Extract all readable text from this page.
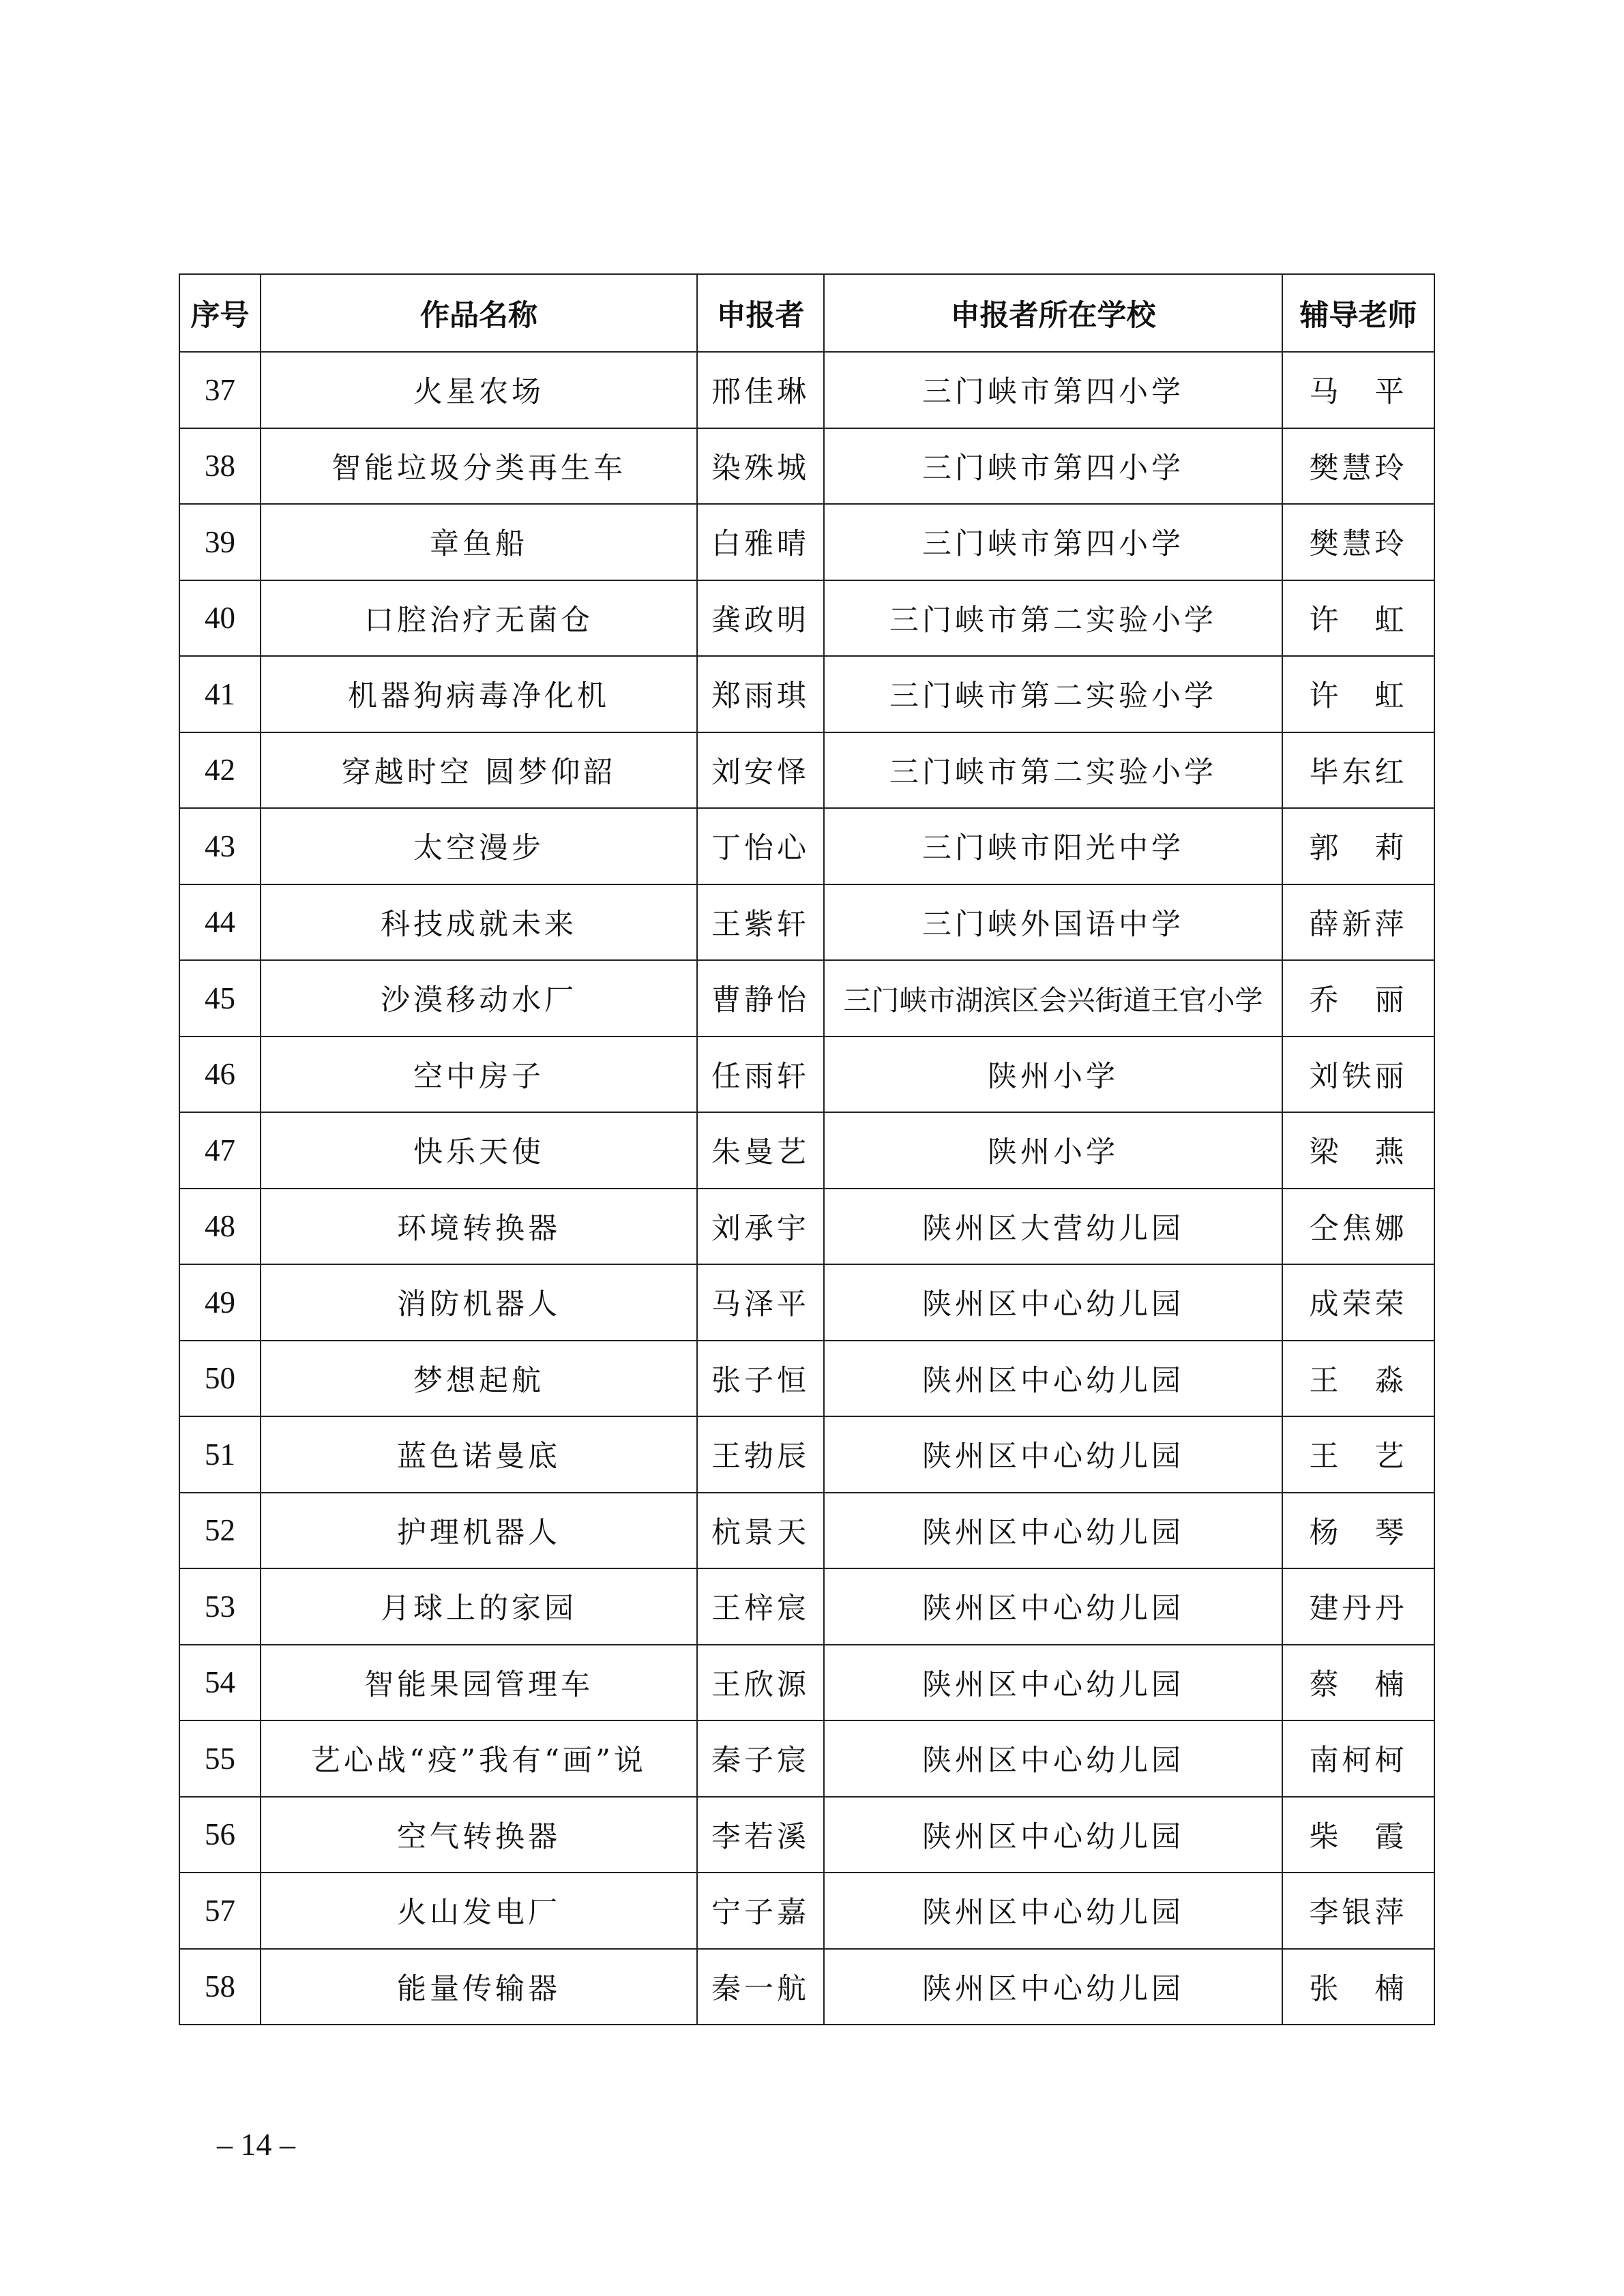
序号	作品名称	申报者	申报者所在学校	辅导老师
37	火星农场	邢佳琳	三门峡市第四小学	马　平
38	智能垃圾分类再生车	染殊城	三门峡市第四小学	樊慧玲
39	章鱼船	白雅晴	三门峡市第四小学	樊慧玲
40	口腔治疗无菌仓	龚政明	三门峡市第二实验小学	许　虹
41	机器狗病毒净化机	郑雨琪	三门峡市第二实验小学	许　虹
42	穿越时空 圆梦仰韶	刘安怿	三门峡市第二实验小学	毕东红
43	太空漫步	丁怡心	三门峡市阳光中学	郭　莉
44	科技成就未来	王紫轩	三门峡外国语中学	薛新萍
45	沙漠移动水厂	曹静怡	三门峡市湖滨区会兴街道王官小学	乔　丽
46	空中房子	任雨轩	陕州小学	刘铁丽
47	快乐天使	朱曼艺	陕州小学	梁　燕
48	环境转换器	刘承宇	陕州区大营幼儿园	仝焦娜
49	消防机器人	马泽平	陕州区中心幼儿园	成荣荣
50	梦想起航	张子恒	陕州区中心幼儿园	王　淼
51	蓝色诺曼底	王勃辰	陕州区中心幼儿园	王　艺
52	护理机器人	杭景天	陕州区中心幼儿园	杨　琴
53	月球上的家园	王梓宸	陕州区中心幼儿园	建丹丹
54	智能果园管理车	王欣源	陕州区中心幼儿园	蔡　楠
55	艺心战“疫”我有“画”说	秦子宸	陕州区中心幼儿园	南柯柯
56	空气转换器	李若溪	陕州区中心幼儿园	柴　霞
57	火山发电厂	宁子嘉	陕州区中心幼儿园	李银萍
58	能量传输器	秦一航	陕州区中心幼儿园	张　楠
– 14 –
